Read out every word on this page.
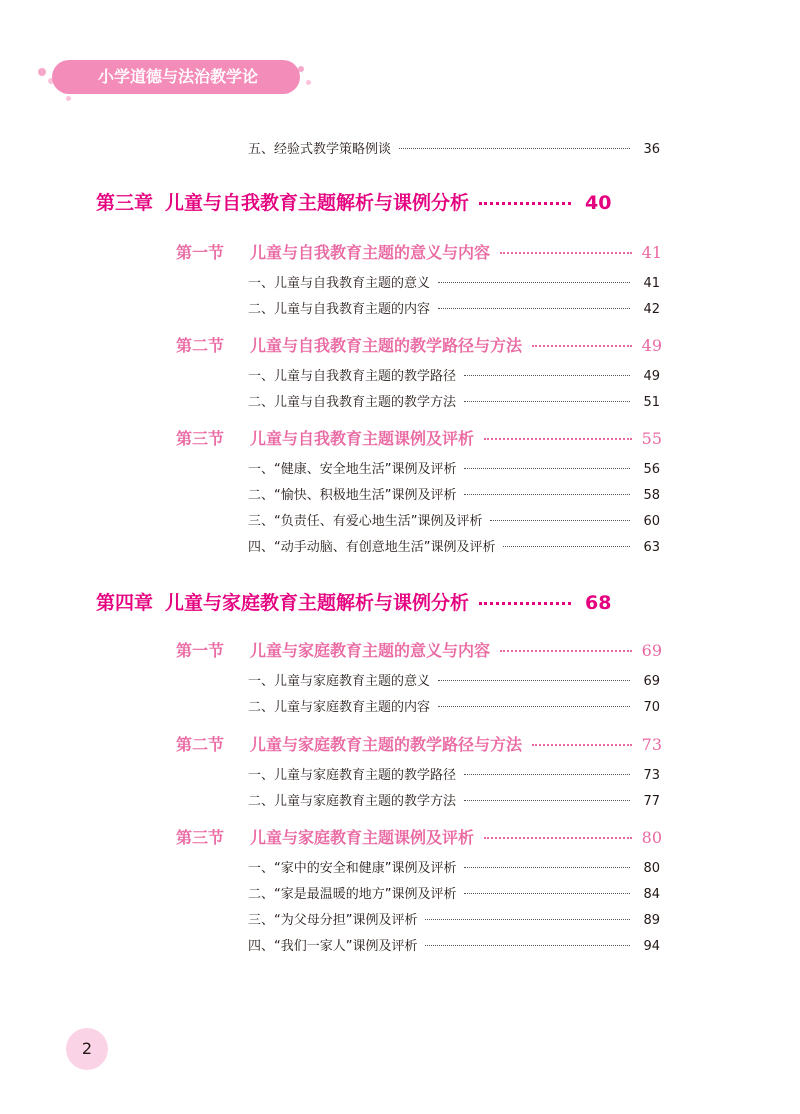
小学道德与法治教学论
五、经验式教学策略例谈	36
第三章 儿童与自我教育主题解析与课例分析	40
第一节	儿童与自我教育主题的意义与内容	41
一、儿童与自我教育主题的意义	41
二、儿童与自我教育主题的内容	42
第二节	儿童与自我教育主题的教学路径与方法	49
一、儿童与自我教育主题的教学路径	49
二、儿童与自我教育主题的教学方法	51
第三节	儿童与自我教育主题课例及评析	55
一、“健康、安全地生活”课例及评析	56
二、“愉快、积极地生活”课例及评析	58
三、“负责任、有爱心地生活”课例及评析	60
四、“动手动脑、有创意地生活”课例及评析	63
第四章 儿童与家庭教育主题解析与课例分析	68
第一节	儿童与家庭教育主题的意义与内容	69
一、儿童与家庭教育主题的意义	69
二、儿童与家庭教育主题的内容	70
第二节	儿童与家庭教育主题的教学路径与方法	73
一、儿童与家庭教育主题的教学路径	73
二、儿童与家庭教育主题的教学方法	77
第三节	儿童与家庭教育主题课例及评析	80
一、“家中的安全和健康”课例及评析	80
二、“家是最温暖的地方”课例及评析	84
三、“为父母分担”课例及评析	89
四、“我们一家人”课例及评析	94
2
